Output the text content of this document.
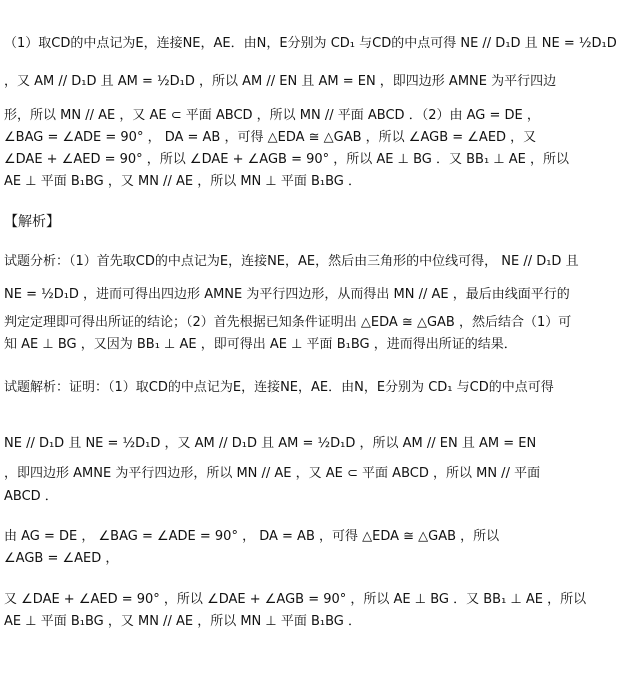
（1）取CD的中点记为E，连接NE，AE．由N，E分别为 CD₁ 与CD的中点可得 NE // D₁D 且 NE = ½D₁D
，又 AM // D₁D 且 AM = ½D₁D ，所以 AM // EN 且 AM = EN ，即四边形 AMNE 为平行四边
形，所以 MN // AE ，又 AE ⊂ 平面 ABCD ，所以 MN // 平面 ABCD ．（2）由 AG = DE ，
∠BAG = ∠ADE = 90° ， DA = AB ，可得 △EDA ≅ △GAB ，所以 ∠AGB = ∠AED ，又
∠DAE + ∠AED = 90° ，所以 ∠DAE + ∠AGB = 90° ，所以 AE ⊥ BG ．又 BB₁ ⊥ AE ，所以
AE ⊥ 平面 B₁BG ，又 MN // AE ，所以 MN ⊥ 平面 B₁BG ．
【解析】
试题分析：（1）首先取CD的中点记为E，连接NE，AE，然后由三角形的中位线可得， NE // D₁D 且
NE = ½D₁D ，进而可得出四边形 AMNE 为平行四边形，从而得出 MN // AE ，最后由线面平行的
判定定理即可得出所证的结论；（2）首先根据已知条件证明出 △EDA ≅ △GAB ，然后结合（1）可
知 AE ⊥ BG ，又因为 BB₁ ⊥ AE ，即可得出 AE ⊥ 平面 B₁BG ，进而得出所证的结果．
试题解析：证明：（1）取CD的中点记为E，连接NE，AE．由N，E分别为 CD₁ 与CD的中点可得
NE // D₁D 且 NE = ½D₁D ，又 AM // D₁D 且 AM = ½D₁D ，所以 AM // EN 且 AM = EN
，即四边形 AMNE 为平行四边形，所以 MN // AE ，又 AE ⊂ 平面 ABCD ，所以 MN // 平面
ABCD ．
由 AG = DE ， ∠BAG = ∠ADE = 90° ， DA = AB ，可得 △EDA ≅ △GAB ，所以
∠AGB = ∠AED ，
又 ∠DAE + ∠AED = 90° ，所以 ∠DAE + ∠AGB = 90° ，所以 AE ⊥ BG ．又 BB₁ ⊥ AE ，所以
AE ⊥ 平面 B₁BG ，又 MN // AE ，所以 MN ⊥ 平面 B₁BG ．
